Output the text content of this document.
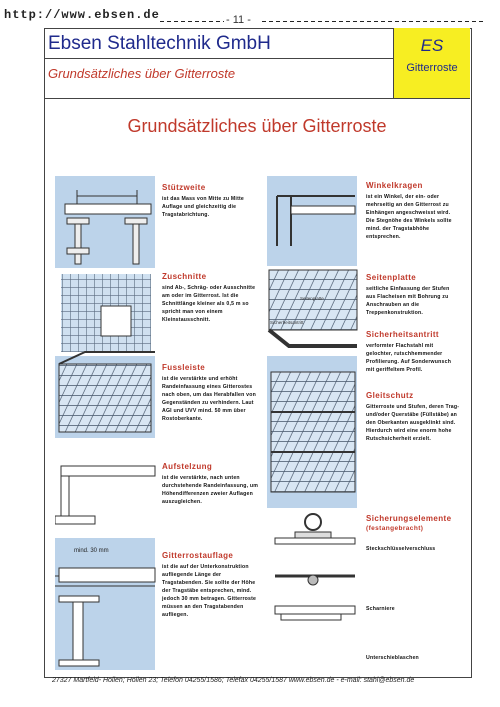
http://www.ebsen.de	- 11 -
Ebsen Stahltechnik GmbH
Grundsätzliches über Gitterroste
ES
Gitterroste
Grundsätzliches über Gitterroste
Stützweite
ist das Mass von Mitte zu Mitte Auflage und gleichzeitig die Tragstabrichtung.
Zuschnitte
sind Ab-, Schräg- oder Ausschnitte am oder im Gitterrost. Ist die Schnittlänge kleiner als 0,5 m so spricht man von einem Kleinstausschnitt.
Fussleiste
ist die verstärkte und erhöht Randeinfassung eines Gitterostes nach oben, um das Herabfallen von Gegenständen zu verhindern. Laut AGI und UVV mind. 50 mm über Rostoberkante.
Aufstelzung
ist die verstärkte, nach unten durchstehende Randeinfassung, um Höhendifferenzen zweier Auflagen auszugleichen.
Gitterrostauflage
ist die auf der Unterkonstruktion aufliegende Länge der Tragstabenden. Sie sollte der Höhe der Tragstäbe entsprechen, mind. jedoch 30 mm betragen. Gitterroste müssen an den Tragstabenden aufliegen.
mind. 30 mm
Winkelkragen
ist ein Winkel, der ein- oder mehrseitig an den Gitterrost zu Einhängen angeschweisst wird. Die Stegnöhe des Winkels sollte mind. der Tragstabhöhe entsprechen.
Seitenplatte
seitliche Einfassung der Stufen aus Flacheisen mit Bohrung zu Anschrauben an die Treppenkonstruktion.
Sicherheitsantritt
verformter Flachstahl mit gelochter, rutschhemmender Profilierung. Auf Sonderwunsch mit geriffeltem Profil.
Gleitschutz
Gitterroste und Stufen, deren Trag- und/oder Querstäbe (Füllstäbe) an den Oberkanten ausgeklinkt sind. Hierdurch wird eine enorm hohe Rutschsicherheit erzielt.
Seitenplatte
Sicherheitsantritt
Sicherungselemente
(festangebracht)
Steckschlüsselverschluss
Scharniere
Unterschieblaschen
27327 Martfeld- Hollen; Hollen 23; Telefon 04255/1586; Telefax 04255/1587 www.ebsen.de - e-mail: stahl@ebsen.de
